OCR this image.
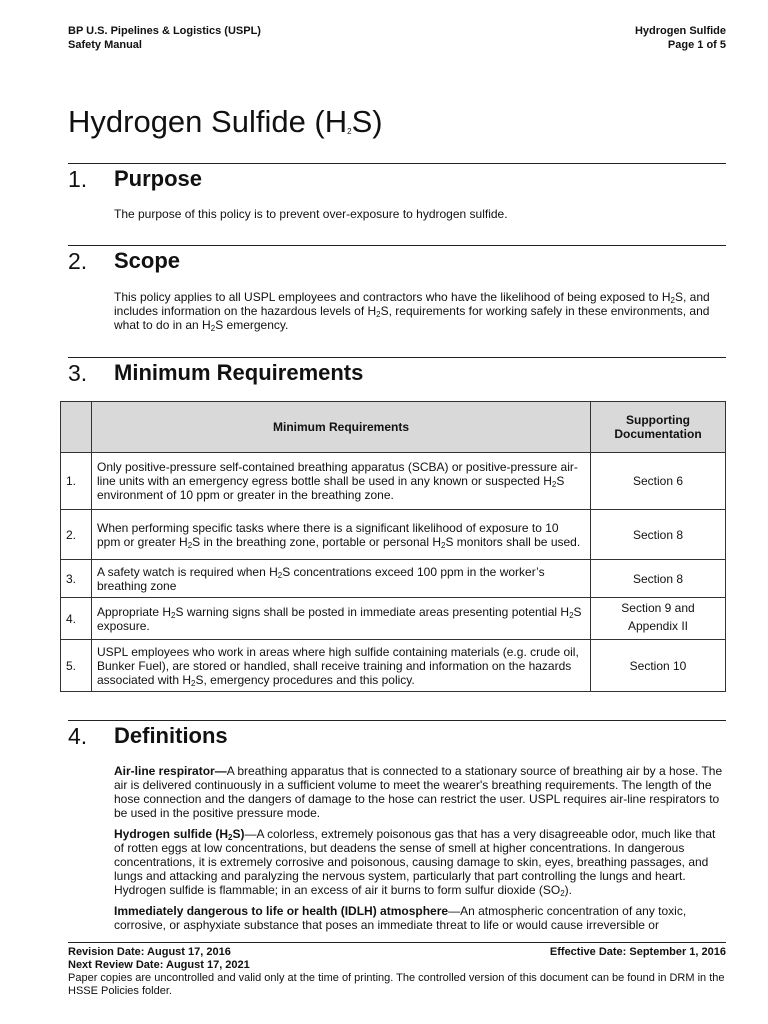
BP U.S. Pipelines & Logistics (USPL)
Safety Manual
Hydrogen Sulfide
Page 1 of 5
Hydrogen Sulfide $(H_2S)$
1. Purpose

The purpose of this policy is to prevent over-exposure to hydrogen sulfide.

2. Scope

This policy applies to all USPL employees and contractors who have the likelihood of being exposed to $H_2S$, and includes information on the hazardous levels of $H_2S$, requirements for working safely in these environments, and what to do in an $H_2S$ emergency.

3. Minimum Requirements
	Minimum Requirements	Supporting
Documentation
1.	Only positive-pressure self-contained breathing apparatus (SCBA) or positive-pressure air-line units with an emergency egress bottle shall be used in any known or suspected $H_2S$ environment of 10 ppm or greater in the breathing zone.	Section 6
2.	When performing specific tasks where there is a significant likelihood of exposure to 10 ppm or greater $H_2S$ in the breathing zone, portable or personal $H_2S$ monitors shall be used.	Section 8
3.	A safety watch is required when $H_2S$ concentrations exceed 100 ppm in the worker’s breathing zone	Section 8
4.	Appropriate $H_2S$ warning signs shall be posted in immediate areas presenting potential $H_2S$ exposure.	Section 9 and
Appendix II
5.	USPL employees who work in areas where high sulfide containing materials (e.g. crude oil, Bunker Fuel), are stored or handled, shall receive training and information on the hazards associated with $H_2S$, emergency procedures and this policy.	Section 10
4. Definitions

Air-line respirator—A breathing apparatus that is connected to a stationary source of breathing air by a hose. The air is delivered continuously in a sufficient volume to meet the wearer's breathing requirements. The length of the hose connection and the dangers of damage to the hose can restrict the user. USPL requires air-line respirators to be used in the positive pressure mode.

Hydrogen sulfide $(H_2S)—A$ colorless, extremely poisonous gas that has a very disagreeable odor, much like that of rotten eggs at low concentrations, but deadens the sense of smell at higher concentrations. In dangerous concentrations, it is extremely corrosive and poisonous, causing damage to skin, eyes, breathing passages, and lungs and attacking and paralyzing the nervous system, particularly that part controlling the lungs and heart. Hydrogen sulfide is flammable; in an excess of air it burns to form sulfur dioxide $(SO_2)$.

Immediately dangerous to life or health (IDLH) atmosphere—An atmospheric concentration of any toxic, corrosive, or asphyxiate substance that poses an immediate threat to life or would cause irreversible or

Revision Date: August 17, 2016	Effective Date: September 1, 2016
Next Review Date: August 17, 2021
Paper copies are uncontrolled and valid only at the time of printing. The controlled version of this document can be found in DRM in the HSSE Policies folder.
